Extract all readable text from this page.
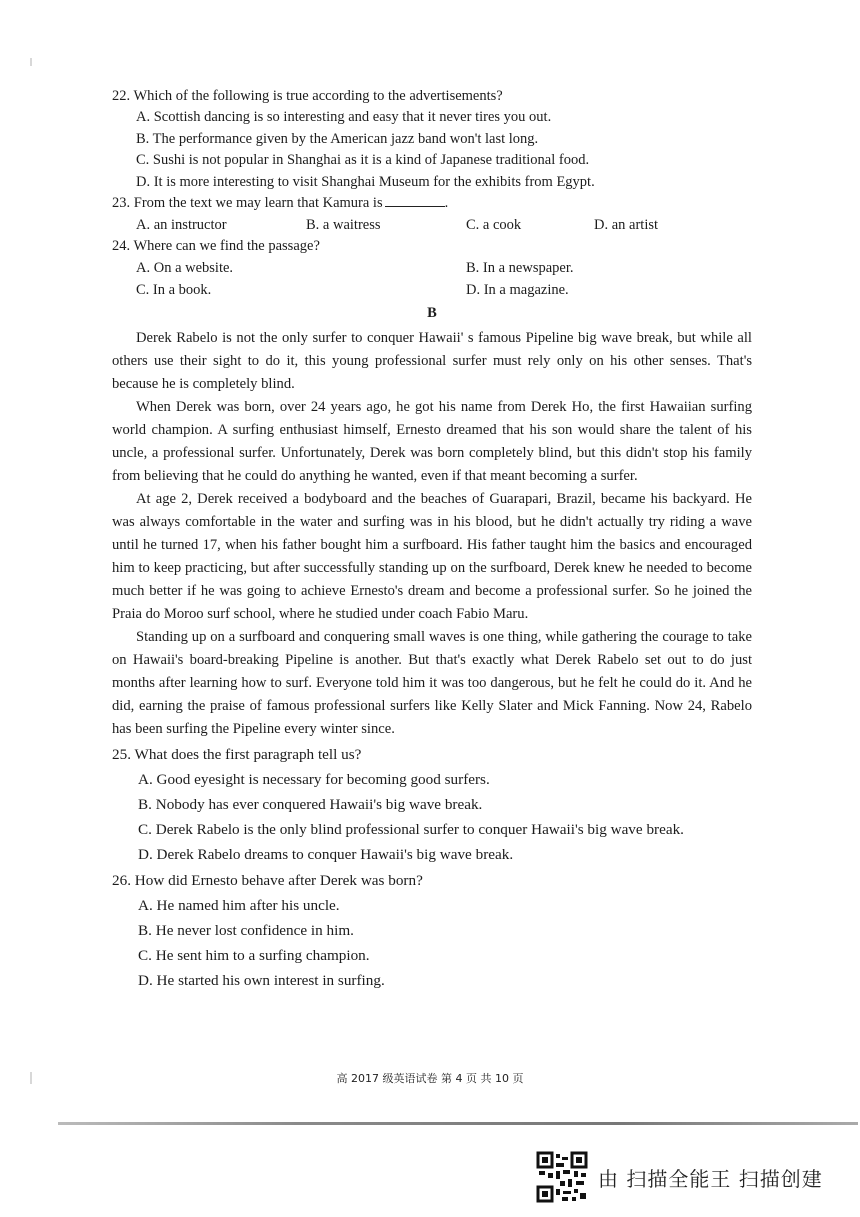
22. Which of the following is true according to the advertisements?
A. Scottish dancing is so interesting and easy that it never tires you out.
B. The performance given by the American jazz band won't last long.
C. Sushi is not popular in Shanghai as it is a kind of Japanese traditional food.
D. It is more interesting to visit Shanghai Museum for the exhibits from Egypt.
23. From the text we may learn that Kamura is	.
A. an instructor	B. a waitress	C. a cook	D. an artist
24. Where can we find the passage?
A. On a website.	B. In a newspaper.
C. In a book.	D. In a magazine.
B

Derek Rabelo is not the only surfer to conquer Hawaii' s famous Pipeline big wave break, but while all others use their sight to do it, this young professional surfer must rely only on his other senses. That's because he is completely blind.

When Derek was born, over 24 years ago, he got his name from Derek Ho, the first Hawaiian surfing world champion. A surfing enthusiast himself, Ernesto dreamed that his son would share the talent of his uncle, a professional surfer. Unfortunately, Derek was born completely blind, but this didn't stop his family from believing that he could do anything he wanted, even if that meant becoming a surfer.

At age 2, Derek received a bodyboard and the beaches of Guarapari, Brazil, became his backyard. He was always comfortable in the water and surfing was in his blood, but he didn't actually try riding a wave until he turned 17, when his father bought him a surfboard. His father taught him the basics and encouraged him to keep practicing, but after successfully standing up on the surfboard, Derek knew he needed to become much better if he was going to achieve Ernesto's dream and become a professional surfer. So he joined the Praia do Moroo surf school, where he studied under coach Fabio Maru.

Standing up on a surfboard and conquering small waves is one thing, while gathering the courage to take on Hawaii's board-breaking Pipeline is another. But that's exactly what Derek Rabelo set out to do just months after learning how to surf. Everyone told him it was too dangerous, but he felt he could do it. And he did, earning the praise of famous professional surfers like Kelly Slater and Mick Fanning. Now 24, Rabelo has been surfing the Pipeline every winter since.

25. What does the first paragraph tell us?
A. Good eyesight is necessary for becoming good surfers.
B. Nobody has ever conquered Hawaii's big wave break.
C. Derek Rabelo is the only blind professional surfer to conquer Hawaii's big wave break.
D. Derek Rabelo dreams to conquer Hawaii's big wave break.
26. How did Ernesto behave after Derek was born?
A. He named him after his uncle.
B. He never lost confidence in him.
C. He sent him to a surfing champion.
D. He started his own interest in surfing.
高 2017 级英语试卷 第 4 页 共 10 页
由 扫描全能王 扫描创建
